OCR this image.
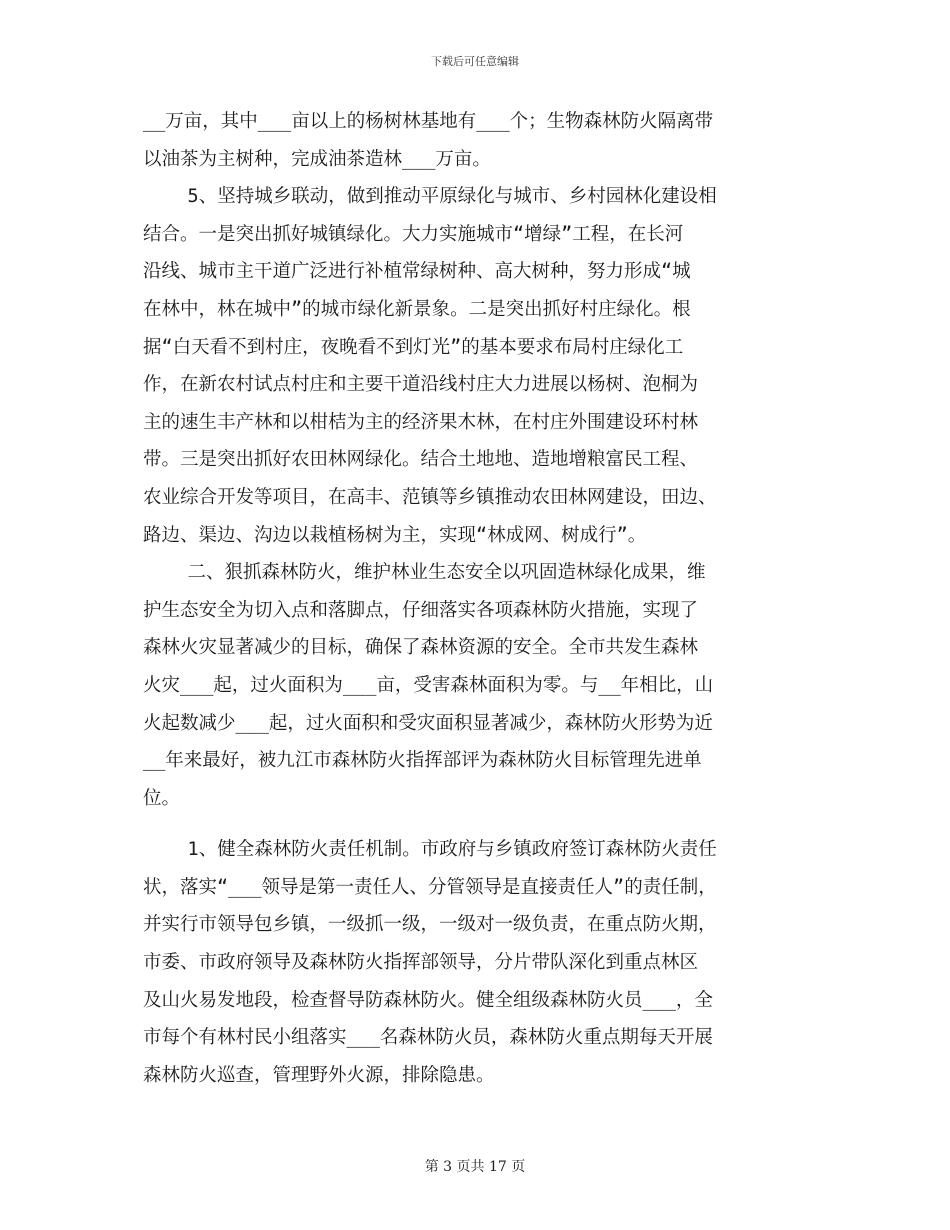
下载后可任意编辑
__万亩，其中___亩以上的杨树林基地有___个；生物森林防火隔离带
以油茶为主树种，完成油茶造林___万亩。
5、坚持城乡联动，做到推动平原绿化与城市、乡村园林化建设相
结合。一是突出抓好城镇绿化。大力实施城市“增绿”工程，在长河
沿线、城市主干道广泛进行补植常绿树种、高大树种，努力形成“城
在林中，林在城中”的城市绿化新景象。二是突出抓好村庄绿化。根
据“白天看不到村庄，夜晚看不到灯光”的基本要求布局村庄绿化工
作，在新农村试点村庄和主要干道沿线村庄大力进展以杨树、泡桐为
主的速生丰产林和以柑桔为主的经济果木林，在村庄外围建设环村林
带。三是突出抓好农田林网绿化。结合土地地、造地增粮富民工程、
农业综合开发等项目，在高丰、范镇等乡镇推动农田林网建设，田边、
路边、渠边、沟边以栽植杨树为主，实现“林成网、树成行”。
二、狠抓森林防火，维护林业生态安全以巩固造林绿化成果，维
护生态安全为切入点和落脚点，仔细落实各项森林防火措施，实现了
森林火灾显著减少的目标，确保了森林资源的安全。全市共发生森林
火灾___起，过火面积为___亩，受害森林面积为零。与__年相比，山
火起数减少___起，过火面积和受灾面积显著减少，森林防火形势为近
__年来最好，被九江市森林防火指挥部评为森林防火目标管理先进单
位。
1、健全森林防火责任机制。市政府与乡镇政府签订森林防火责任
状，落实“___领导是第一责任人、分管领导是直接责任人”的责任制，
并实行市领导包乡镇，一级抓一级，一级对一级负责，在重点防火期，
市委、市政府领导及森林防火指挥部领导，分片带队深化到重点林区
及山火易发地段，检查督导防森林防火。健全组级森林防火员___，全
市每个有林村民小组落实___名森林防火员，森林防火重点期每天开展
森林防火巡查，管理野外火源，排除隐患。
第 3 页共 17 页
